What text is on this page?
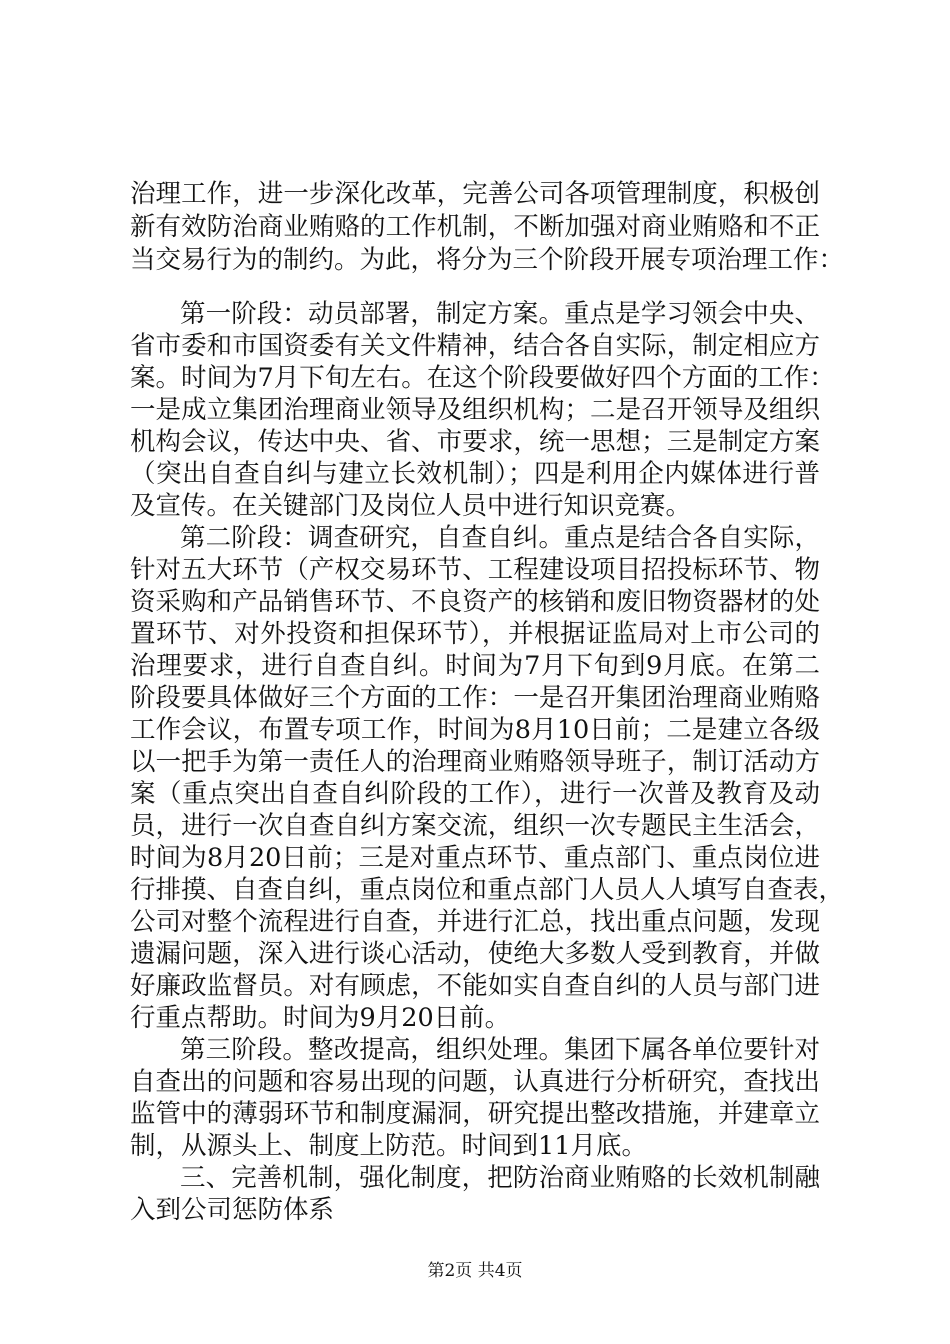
治理工作，进一步深化改革，完善公司各项管理制度，积极创
新有效防治商业贿赂的工作机制，不断加强对商业贿赂和不正
当交易行为的制约。为此，将分为三个阶段开展专项治理工作：
第一阶段：动员部署，制定方案。重点是学习领会中央、
省市委和市国资委有关文件精神，结合各自实际，制定相应方
案。时间为7月下旬左右。在这个阶段要做好四个方面的工作：
一是成立集团治理商业领导及组织机构；二是召开领导及组织
机构会议，传达中央、省、市要求，统一思想；三是制定方案
（突出自查自纠与建立长效机制）；四是利用企内媒体进行普
及宣传。在关键部门及岗位人员中进行知识竞赛。
第二阶段：调查研究，自查自纠。重点是结合各自实际，
针对五大环节（产权交易环节、工程建设项目招投标环节、物
资采购和产品销售环节、不良资产的核销和废旧物资器材的处
置环节、对外投资和担保环节），并根据证监局对上市公司的
治理要求，进行自查自纠。时间为7月下旬到9月底。在第二
阶段要具体做好三个方面的工作：一是召开集团治理商业贿赂
工作会议，布置专项工作，时间为8月10日前；二是建立各级
以一把手为第一责任人的治理商业贿赂领导班子，制订活动方
案（重点突出自查自纠阶段的工作），进行一次普及教育及动
员，进行一次自查自纠方案交流，组织一次专题民主生活会，
时间为8月20日前；三是对重点环节、重点部门、重点岗位进
行排摸、自查自纠，重点岗位和重点部门人员人人填写自查表，
公司对整个流程进行自查，并进行汇总，找出重点问题，发现
遗漏问题，深入进行谈心活动，使绝大多数人受到教育，并做
好廉政监督员。对有顾虑，不能如实自查自纠的人员与部门进
行重点帮助。时间为9月20日前。
第三阶段。整改提高，组织处理。集团下属各单位要针对
自查出的问题和容易出现的问题，认真进行分析研究，查找出
监管中的薄弱环节和制度漏洞，研究提出整改措施，并建章立
制，从源头上、制度上防范。时间到11月底。
三、完善机制，强化制度，把防治商业贿赂的长效机制融
入到公司惩防体系
第2页 共4页
